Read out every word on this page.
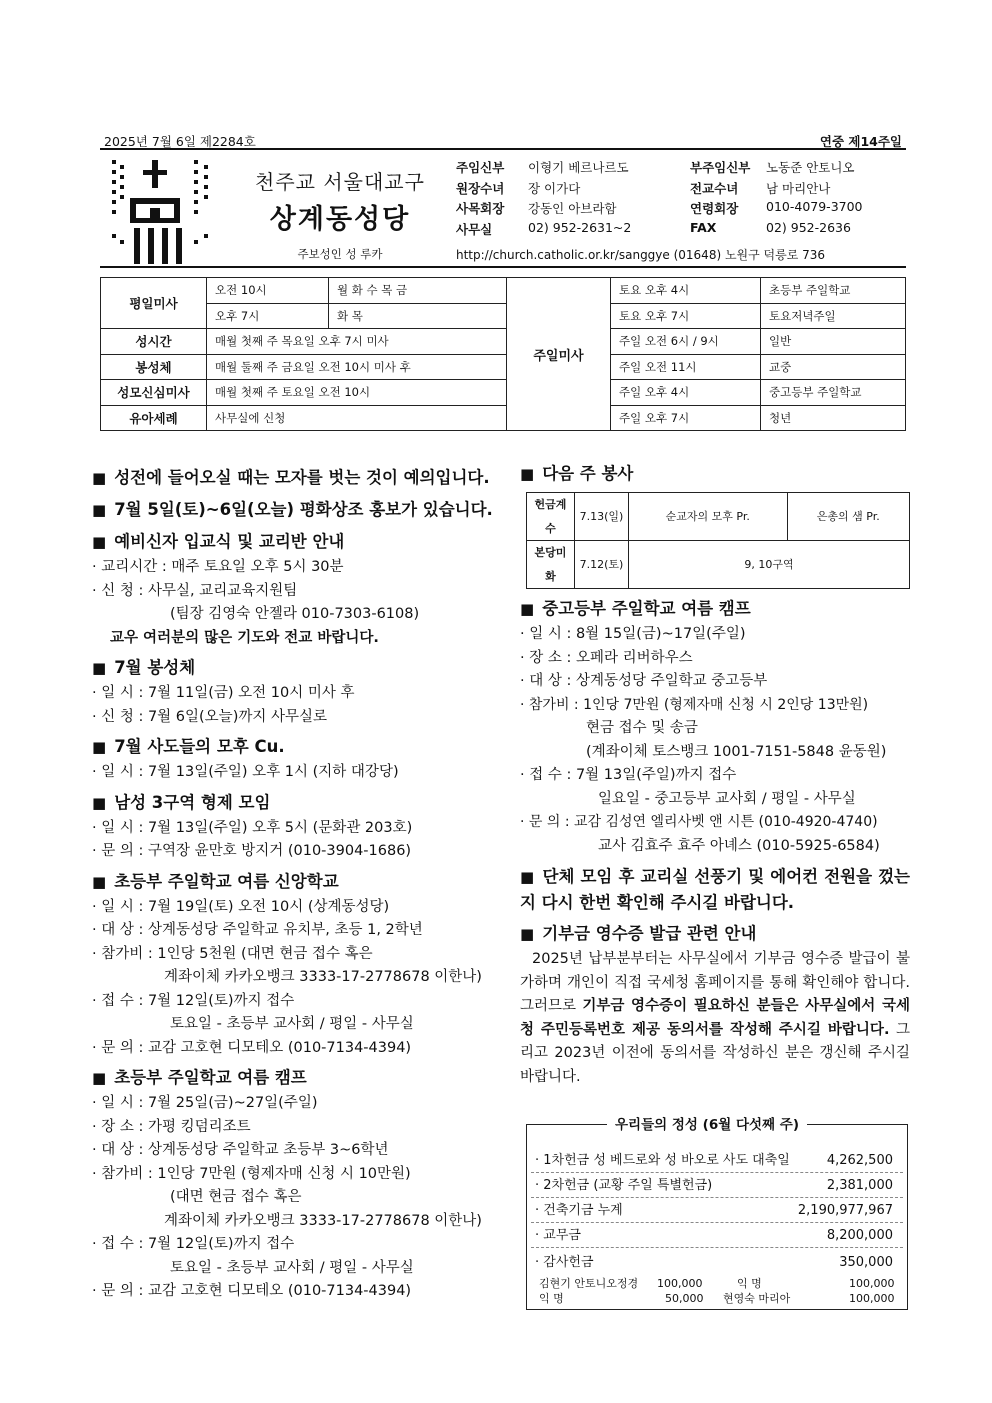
2025년 7월 6일 제2284호	연중 제14주일
천주교 서울대교구
상계동성당
주보성인 성 루카
주임신부 이형기 베르나르도	부주임신부 노동준 안토니오
원장수녀 장 이가다	전교수녀 남 마리안나
사목회장 강동인 아브라함	연령회장 010-4079-3700
사무실	02) 952-2631~2	FAX	02) 952-2636
http://church.catholic.or.kr/sanggye (01648) 노원구 덕릉로 736
평일미사	오전 10시	월 화 수 목 금	주일미사	토요 오후 4시	초등부 주일학교
	오후 7시	화 목		토요 오후 7시	토요저녁주일
성시간	매월 첫째 주 목요일 오후 7시 미사			주일 오전 6시 / 9시	일반
봉성체	매월 둘째 주 금요일 오전 10시 미사 후			주일 오전 11시	교중
성모신심미사	매월 첫째 주 토요일 오전 10시			주일 오후 4시	중고등부 주일학교
유아세례	사무실에 신청			주일 오후 7시	청년
■ 성전에 들어오실 때는 모자를 벗는 것이 예의입니다.
■ 7월 5일(토)~6일(오늘) 평화상조 홍보가 있습니다.
■ 예비신자 입교식 및 교리반 안내
· 교리시간 : 매주 토요일 오후 5시 30분
· 신 청 : 사무실, 교리교육지원팀
(팀장 김영숙 안젤라 010-7303-6108)
교우 여러분의 많은 기도와 전교 바랍니다.
■ 7월 봉성체
· 일 시 : 7월 11일(금) 오전 10시 미사 후
· 신 청 : 7월 6일(오늘)까지 사무실로
■ 7월 사도들의 모후 Cu.
· 일 시 : 7월 13일(주일) 오후 1시 (지하 대강당)
■ 남성 3구역 형제 모임
· 일 시 : 7월 13일(주일) 오후 5시 (문화관 203호)
· 문 의 : 구역장 윤만호 방지거 (010-3904-1686)
■ 초등부 주일학교 여름 신앙학교
· 일 시 : 7월 19일(토) 오전 10시 (상계동성당)
· 대 상 : 상계동성당 주일학교 유치부, 초등 1, 2학년
· 참가비 : 1인당 5천원 (대면 현금 접수 혹은
계좌이체 카카오뱅크 3333-17-2778678 이한나)
· 접 수 : 7월 12일(토)까지 접수
토요일 - 초등부 교사회 / 평일 - 사무실
· 문 의 : 교감 고호현 디모테오 (010-7134-4394)
■ 초등부 주일학교 여름 캠프
· 일 시 : 7월 25일(금)~27일(주일)
· 장 소 : 가평 킹덤리조트
· 대 상 : 상계동성당 주일학교 초등부 3~6학년
· 참가비 : 1인당 7만원 (형제자매 신청 시 10만원)
(대면 현금 접수 혹은
계좌이체 카카오뱅크 3333-17-2778678 이한나)
· 접 수 : 7월 12일(토)까지 접수
토요일 - 초등부 교사회 / 평일 - 사무실
· 문 의 : 교감 고호현 디모테오 (010-7134-4394)
■ 다음 주 봉사
헌금계수	7.13(일)	순교자의 모후 Pr.	은총의 샘 Pr.
본당미화	7.12(토)	9, 10구역	
■ 중고등부 주일학교 여름 캠프
· 일 시 : 8월 15일(금)~17일(주일)
· 장 소 : 오페라 리버하우스
· 대 상 : 상계동성당 주일학교 중고등부
· 참가비 : 1인당 7만원 (형제자매 신청 시 2인당 13만원)
현금 접수 및 송금
(계좌이체 토스뱅크 1001-7151-5848 윤동원)
· 접 수 : 7월 13일(주일)까지 접수
일요일 - 중고등부 교사회 / 평일 - 사무실
· 문 의 : 교감 김성연 엘리사벳 앤 시튼 (010-4920-4740)
교사 김효주 효주 아녜스 (010-5925-6584)
■ 단체 모임 후 교리실 선풍기 및 에어컨 전원을 껐는지 다시 한번 확인해 주시길 바랍니다.
■ 기부금 영수증 발급 관련 안내
2025년 납부분부터는 사무실에서 기부금 영수증 발급이 불가하며 개인이 직접 국세청 홈페이지를 통해 확인해야 합니다. 그러므로 기부금 영수증이 필요하신 분들은 사무실에서 국세청 주민등록번호 제공 동의서를 작성해 주시길 바랍니다. 그리고 2023년 이전에 동의서를 작성하신 분은 갱신해 주시길 바랍니다.
우리들의 정성 (6월 다섯째 주)
· 1차헌금 성 베드로와 성 바오로 사도 대축일	4,262,500
· 2차헌금 (교황 주일 특별헌금)	2,381,000
· 건축기금 누계	2,190,977,967
· 교무금	8,200,000
· 감사헌금	350,000
김현기 안토니오정경 100,000	익 명	100,000
익 명	50,000 현영숙 마리아	100,000
